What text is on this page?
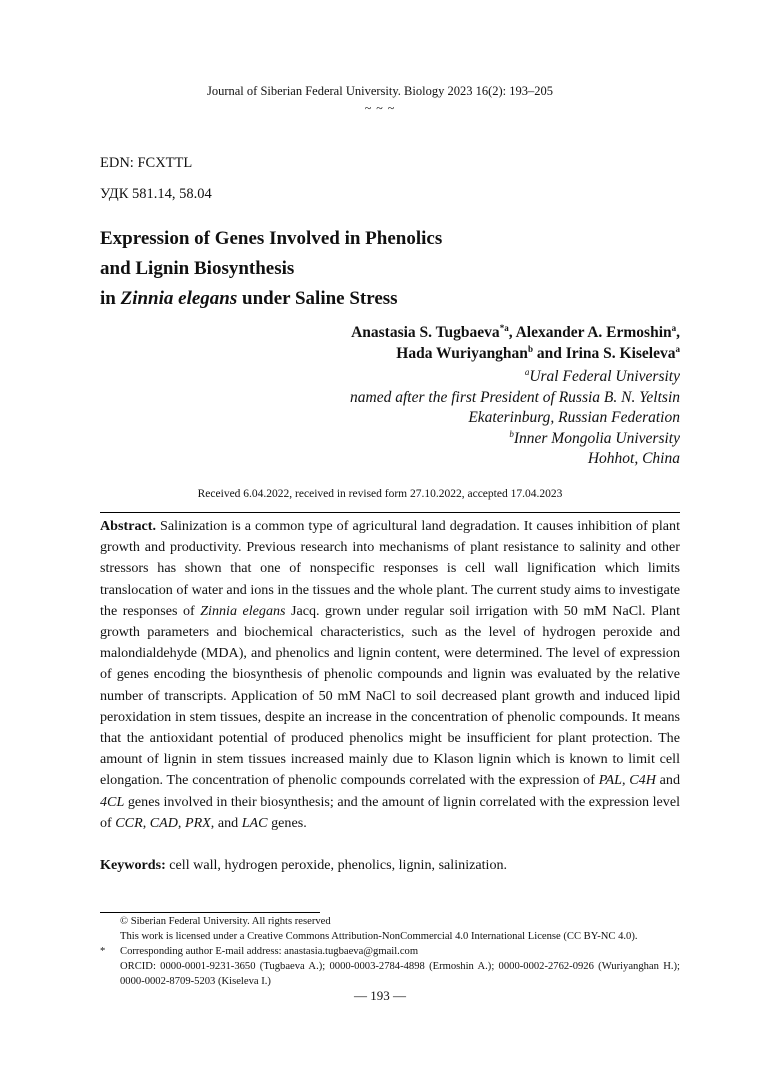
Journal of Siberian Federal University. Biology 2023 16(2): 193–205
~ ~ ~
EDN: FCXTTL
УДК 581.14, 58.04
Expression of Genes Involved in Phenolics
and Lignin Biosynthesis
in Zinnia elegans under Saline Stress
Anastasia S. Tugbaeva$^{*a}$, Alexander A. Ermoshin$^a$,
Hada Wuriyanghan$^b$ and Irina S. Kiseleva$^a$
$^a$Ural Federal University
named after the first President of Russia B. N. Yeltsin
Ekaterinburg, Russian Federation
$^b$Inner Mongolia University
Hohhot, China
Received 6.04.2022, received in revised form 27.10.2022, accepted 17.04.2023

Abstract. Salinization is a common type of agricultural land degradation. It causes inhibition of plant growth and productivity. Previous research into mechanisms of plant resistance to salinity and other stressors has shown that one of nonspecific responses is cell wall lignification which limits translocation of water and ions in the tissues and the whole plant. The current study aims to investigate the responses of Zinnia elegans Jacq. grown under regular soil irrigation with 50 mM NaCl. Plant growth parameters and biochemical characteristics, such as the level of hydrogen peroxide and malondialdehyde (MDA), and phenolics and lignin content, were determined. The level of expression of genes encoding the biosynthesis of phenolic compounds and lignin was evaluated by the relative number of transcripts. Application of 50 mM NaCl to soil decreased plant growth and induced lipid peroxidation in stem tissues, despite an increase in the concentration of phenolic compounds. It means that the antioxidant potential of produced phenolics might be insufficient for plant protection. The amount of lignin in stem tissues increased mainly due to Klason lignin which is known to limit cell elongation. The concentration of phenolic compounds correlated with the expression of PAL, C4H and 4CL genes involved in their biosynthesis; and the amount of lignin correlated with the expression level of CCR, CAD, PRX, and LAC genes.

Keywords: cell wall, hydrogen peroxide, phenolics, lignin, salinization.
© Siberian Federal University. All rights reserved
This work is licensed under a Creative Commons Attribution-NonCommercial 4.0 International License (CC BY-NC 4.0).
* Corresponding author E-mail address: anastasia.tugbaeva@gmail.com
ORCID: 0000-0001-9231-3650 (Tugbaeva A.); 0000-0003-2784-4898 (Ermoshin A.); 0000-0002-2762-0926 (Wuriyanghan H.); 0000-0002-8709-5203 (Kiseleva I.)
— 193 —
